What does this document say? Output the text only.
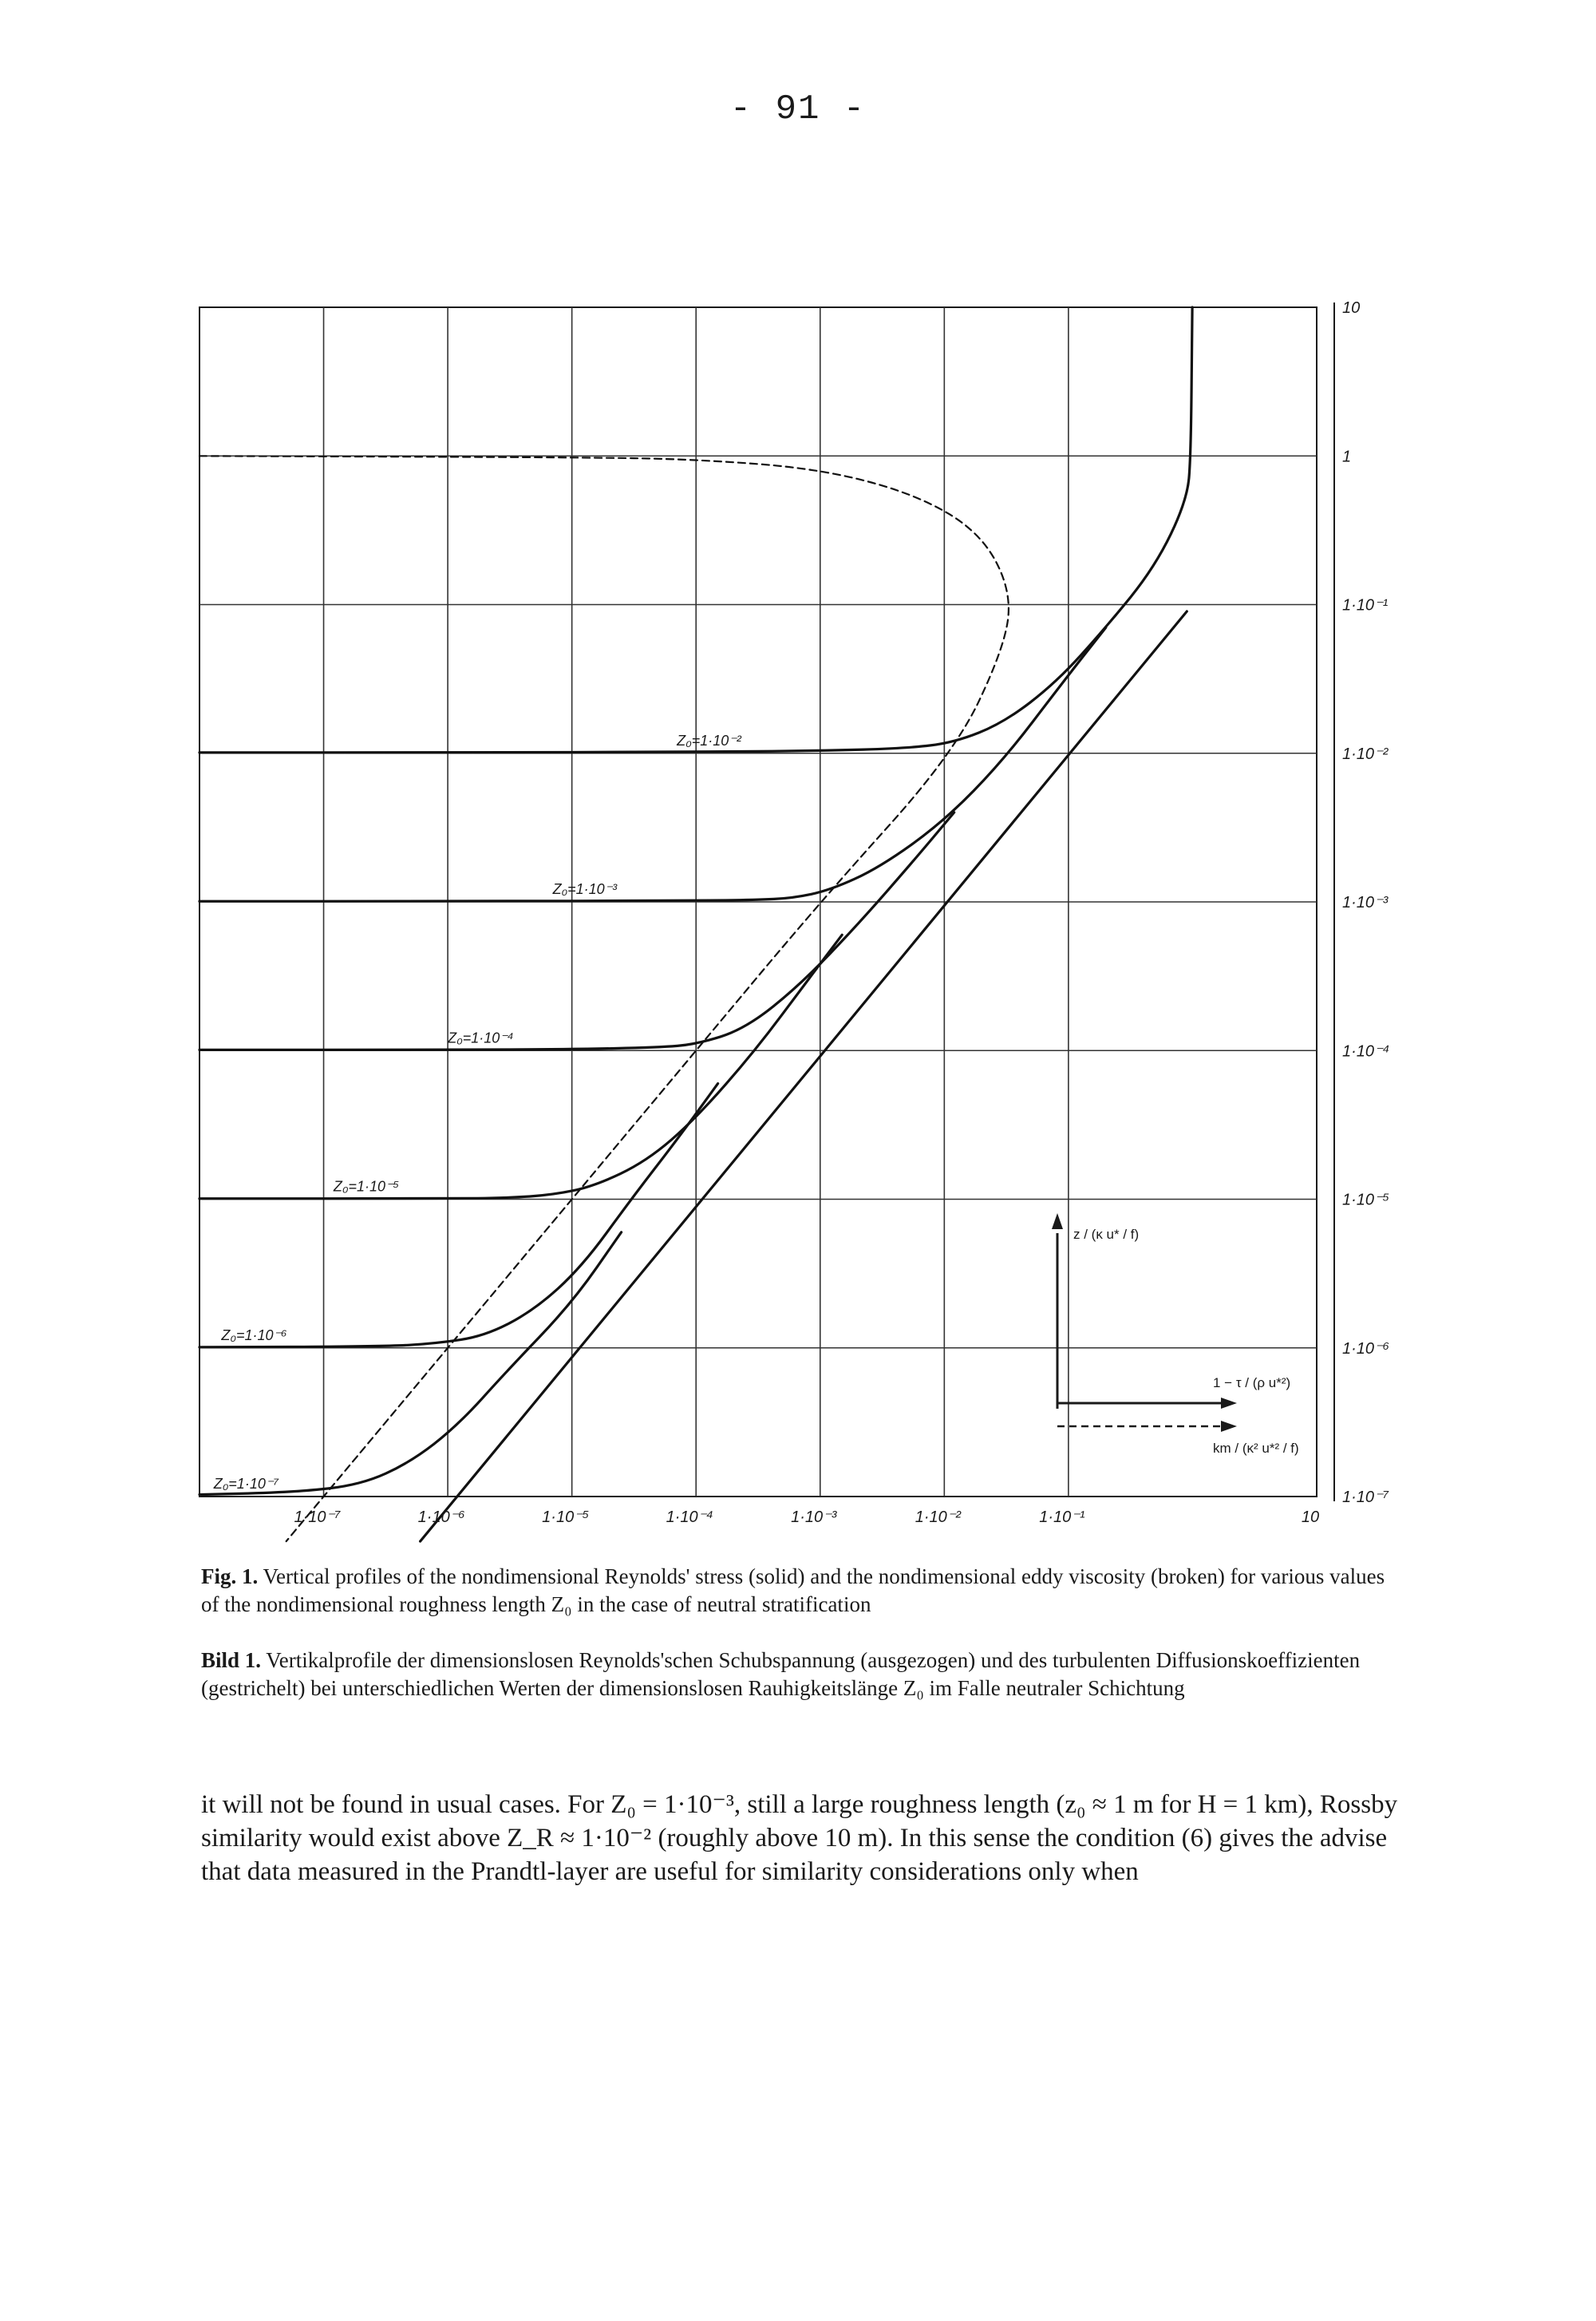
- 91 -
1·10⁻⁷	1·10⁻⁶	1·10⁻⁵	1·10⁻⁴	1·10⁻³	1·10⁻²	1·10⁻¹	10
10
1
1·10⁻¹
1·10⁻²
1·10⁻³
1·10⁻⁴
1·10⁻⁵
1·10⁻⁶
1·10⁻⁷
Z₀=1·10⁻²
Z₀=1·10⁻³
Z₀=1·10⁻⁴
Z₀=1·10⁻⁵
Z₀=1·10⁻⁶
Z₀=1·10⁻⁷
z / (κ u* / f)
1 − τ / (ρ u*²)
km / (κ² u*² / f)
Fig. 1. Vertical profiles of the nondimensional Reynolds' stress (solid) and the nondimensional eddy viscosity (broken) for various values of the nondimensional roughness length Z₀ in the case of neutral stratification
Bild 1. Vertikalprofile der dimensionslosen Reynolds'schen Schubspannung (ausgezogen) und des turbulenten Diffusionskoeffizienten (gestrichelt) bei unterschiedlichen Werten der dimensionslosen Rauhigkeitslänge Z₀ im Falle neutraler Schichtung

it will not be found in usual cases. For Z₀ = 1·10⁻³, still a large roughness length (z₀ ≈ 1 m for H = 1 km), Rossby similarity would exist above Z_R ≈ 1·10⁻² (roughly above 10 m). In this sense the condition (6) gives the advise that data measured in the Prandtl-layer are useful for similarity considerations only when
